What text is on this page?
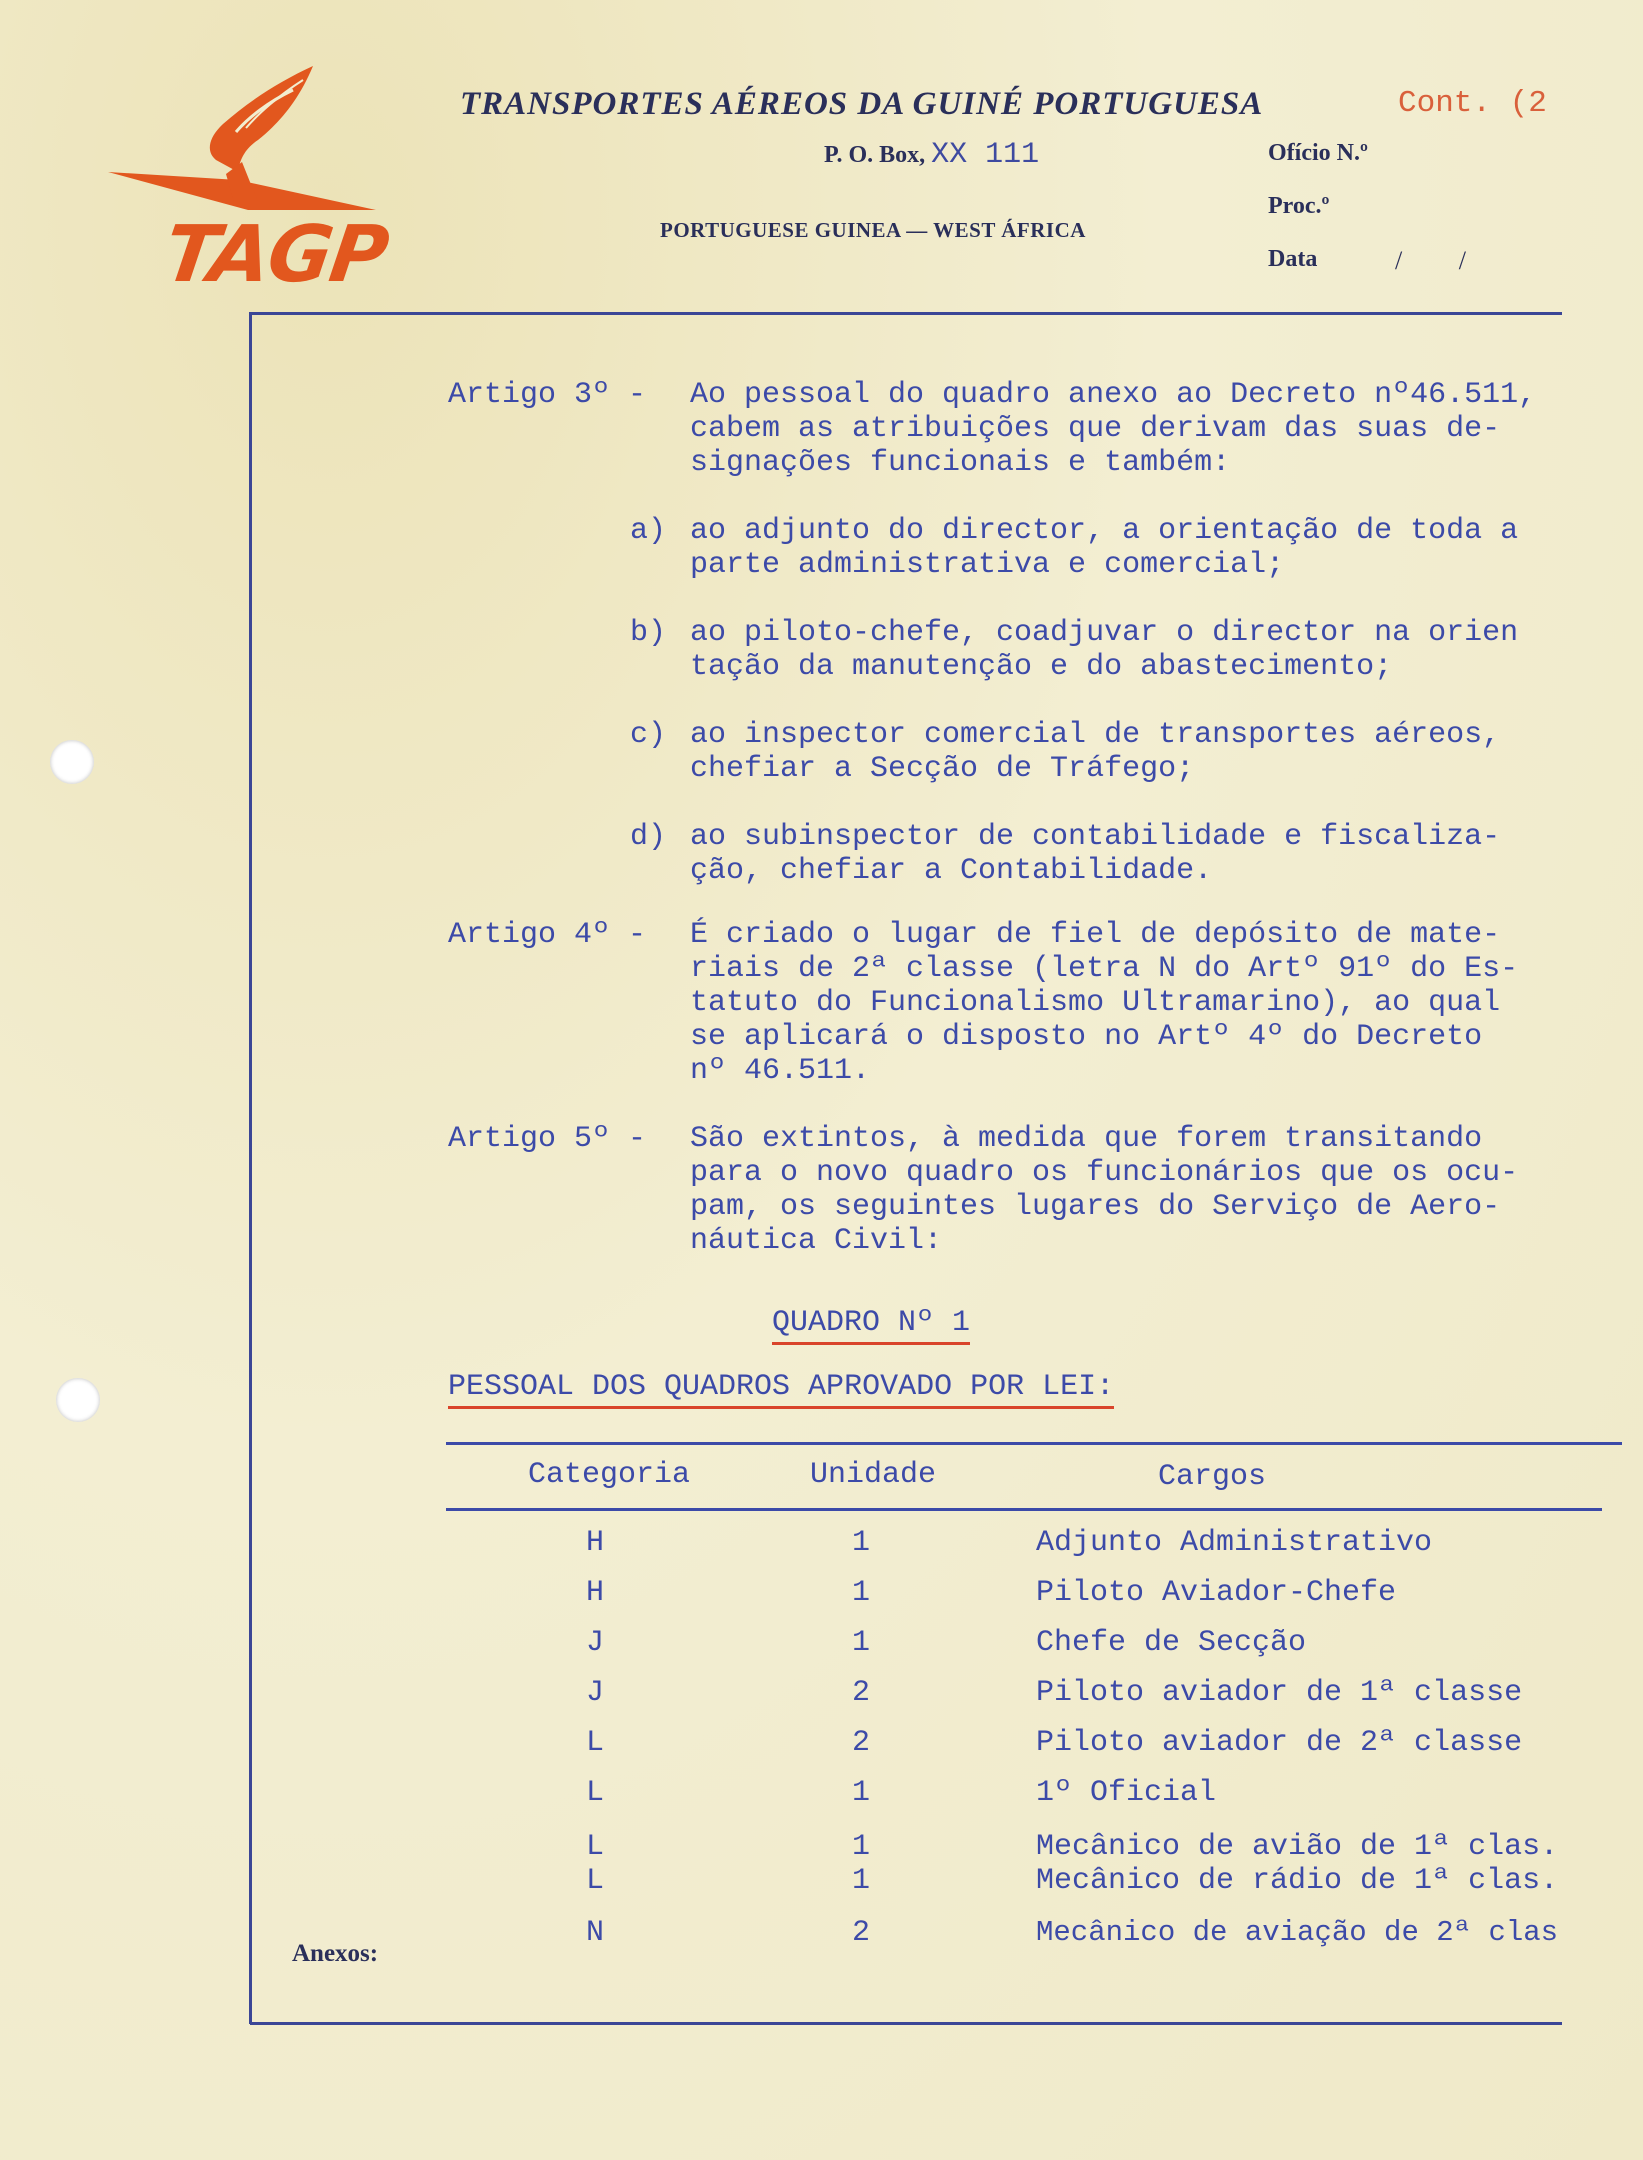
TAGP
TRANSPORTES AÉREOS DA GUINÉ PORTUGUESA	Cont. (2
P. O. Box, XX 111
PORTUGUESE GUINEA — WEST ÁFRICA
Ofício N.º
Proc.º
Data	/ /
Artigo 3º - Ao pessoal do quadro anexo ao Decreto nº46.511,
cabem as atribuições que derivam das suas de-
signações funcionais e também:
a) ao adjunto do director, a orientação de toda a
parte administrativa e comercial;
b) ao piloto-chefe, coadjuvar o director na orien
tação da manutenção e do abastecimento;
c) ao inspector comercial de transportes aéreos,
chefiar a Secção de Tráfego;
d) ao subinspector de contabilidade e fiscaliza-
ção, chefiar a Contabilidade.
Artigo 4º - É criado o lugar de fiel de depósito de mate-
riais de 2ª classe (letra N do Artº 91º do Es-
tatuto do Funcionalismo Ultramarino), ao qual
se aplicará o disposto no Artº 4º do Decreto
nº 46.511.
Artigo 5º - São extintos, à medida que forem transitando
para o novo quadro os funcionários que os ocu-
pam, os seguintes lugares do Serviço de Aero-
náutica Civil:
QUADRO Nº 1
PESSOAL DOS QUADROS APROVADO POR LEI:
Categoria	Unidade	Cargos
H	1	Adjunto Administrativo
H	1	Piloto Aviador-Chefe
J	1	Chefe de Secção
J	2	Piloto aviador de 1ª classe
L	2	Piloto aviador de 2ª classe
L	1	1º Oficial
L	1	Mecânico de avião de 1ª clas.
L	1	Mecânico de rádio de 1ª clas.
N	2	Mecânico de aviação de 2ª clas
Anexos:
